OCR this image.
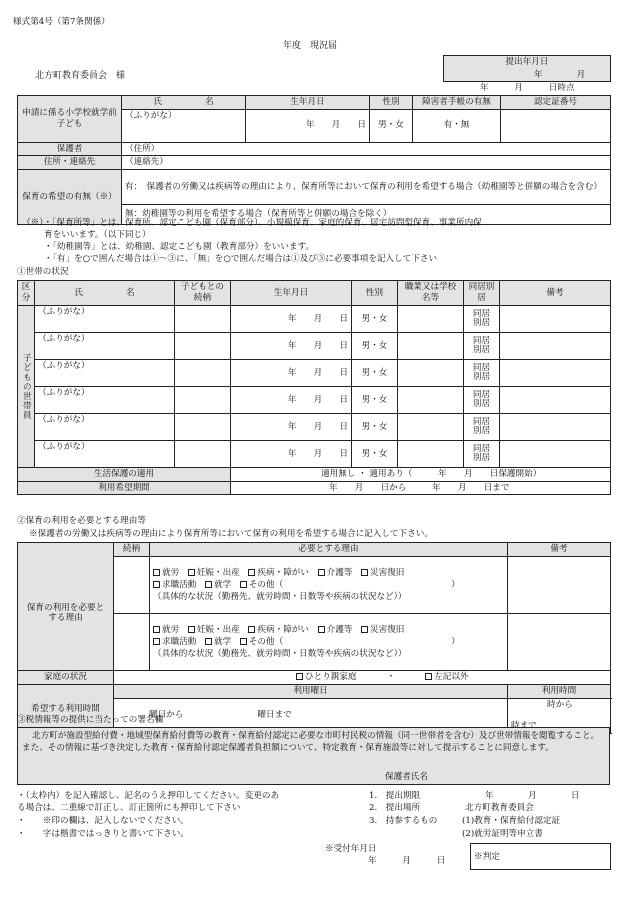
様式第4号（第7条関係）
年度　現況届
北方町教育委員会　様
提出年月日
年	月
年　　　月　　　日時点
申請に係る小学校就学前子ども	氏　　　　　名	生年月日	性別	障害者手帳の有無	認定証番号
	（ふりがな）	年　　月　　日	男・女	有・無	
保護者	（住所）				
住所・連絡先	（連絡先）				
保育の希望の有無（※）	有：　保護者の労働又は疾病等の理由により、保育所等において保育の利用を希望する場合（幼稚園等と併願の場合を含む）				
	無：幼稚園等の利用を希望する場合（保育所等と併願の場合を除く）				
（※）・「保育所等」とは、保育所、認定こども園（保育部分）、小規模保育、家庭的保育、居宅訪問型保育、事業所内保
育をいいます。（以下同じ）
・「幼稚園等」とは、幼稚園、認定こども園（教育部分）をいいます。
・「有」を○で囲んだ場合は①～③に、「無」を○で囲んだ場合は①及び③に必要事項を記入して下さい
①世帯の状況
区分	氏　　　　　名	子どもとの続柄	生年月日	性別	職業又は学校名等	同居別居	備考

子どもの世帯員	（ふりがな）		年　　月　　日	男・女		同居
別居	

	（ふりがな）		年　　月　　日	男・女		同居
別居	

	（ふりがな）		年　　月　　日	男・女		同居
別居	

	（ふりがな）		年　　月　　日	男・女		同居
別居	

	（ふりがな）		年　　月　　日	男・女		同居
別居	

	（ふりがな）		年　　月　　日	男・女		同居
別居	

生活保護の適用			適用無し ・ 適用あり（　　　年　　月　　日保護開始）				
利用希望期間			年　　月　　日から　　　年　　月　　日まで				
②保育の利用を必要とする理由等
※保護者の労働又は疾病等の理由により保育所等において保育の利用を希望する場合に記入して下さい。
	続柄	必要とする理由	備考
保育の利用を必要とする理由		就労　 妊娠・出産　 疾病・障がい　 介護等　 災害復旧
求職活動　 就学　 その他（ ）
（具体的な状況（勤務先、就労時間・日数等や疾病の状況など））	

		就労　 妊娠・出産　 疾病・障がい　 介護等　 災害復旧
求職活動　 就学　 その他（ ）
（具体的な状況（勤務先、就労時間・日数等や疾病の状況など））	

家庭の状況	ひとり親家庭 ・ 左記以外		
希望する利用時間	利用曜日		利用時間
	曜日から 曜日まで		時から
③税情報等の提供に当たっての署名欄
北方町が施設型給付費・地域型保育給付費等の教育・保育給付認定に必要な市町村民税の情報（同一世帯者を含む）及び世帯情報を閲覧すること。また、その情報に基づき決定した教育・保育給付認定保護者負担額について、特定教育・保育施設等に対して提示することに同意します。
保護者氏名
・（太枠内）を記入確認し、記名のうえ押印してください。変更のあ
る場合は、二重線で訂正し、訂正箇所にも押印して下さい
・　　※印の欄は、記入しないでください。
・　　字は楷書ではっきりと書いて下さい。
1.　提出期限	年　　　　月　　　　日
2.　提出場所	北方町教育委員会
3.　持参するもの	(1)教育・保育給付認定証
(2)就労証明等申立書
※受付年月日
年　　　月　　　日	※判定
